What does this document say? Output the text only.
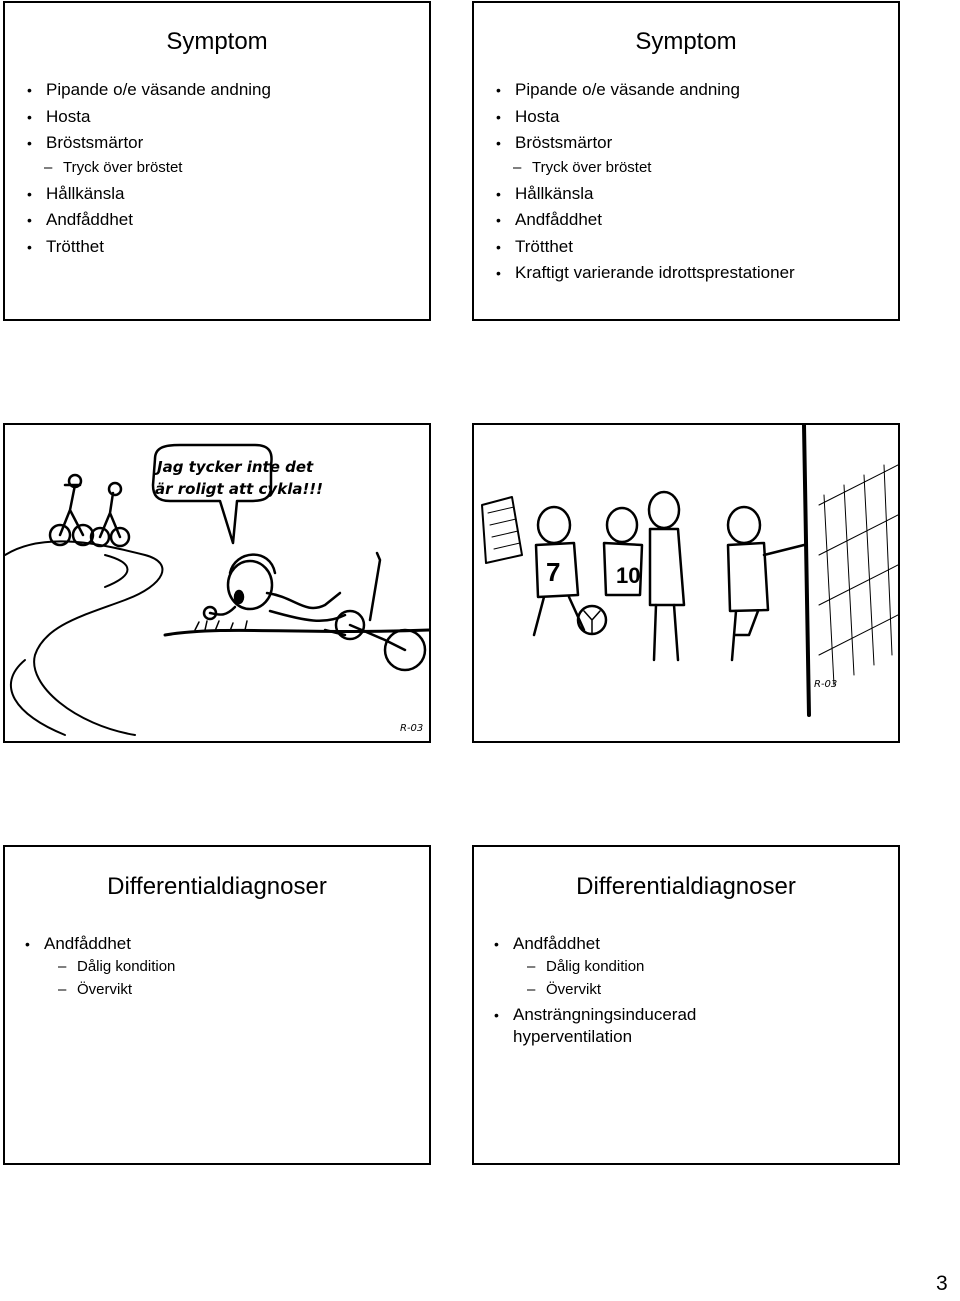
Symptom
• Pipande o/e väsande andning
• Hosta
• Bröstsmärtor
– Tryck över bröstet
• Hållkänsla
• Andfåddhet
• Trötthet
Symptom
• Pipande o/e väsande andning
• Hosta
• Bröstsmärtor
– Tryck över bröstet
• Hållkänsla
• Andfåddhet
• Trötthet
• Kraftigt varierande idrottsprestationer
Jag tycker inte det
är roligt att cykla!!!
R-03
7	10
R-03
Differentialdiagnoser
• Andfåddhet
– Dålig kondition
– Övervikt
Differentialdiagnoser
• Andfåddhet
– Dålig kondition
– Övervikt
• Ansträngningsinducerad hyperventilation
3
